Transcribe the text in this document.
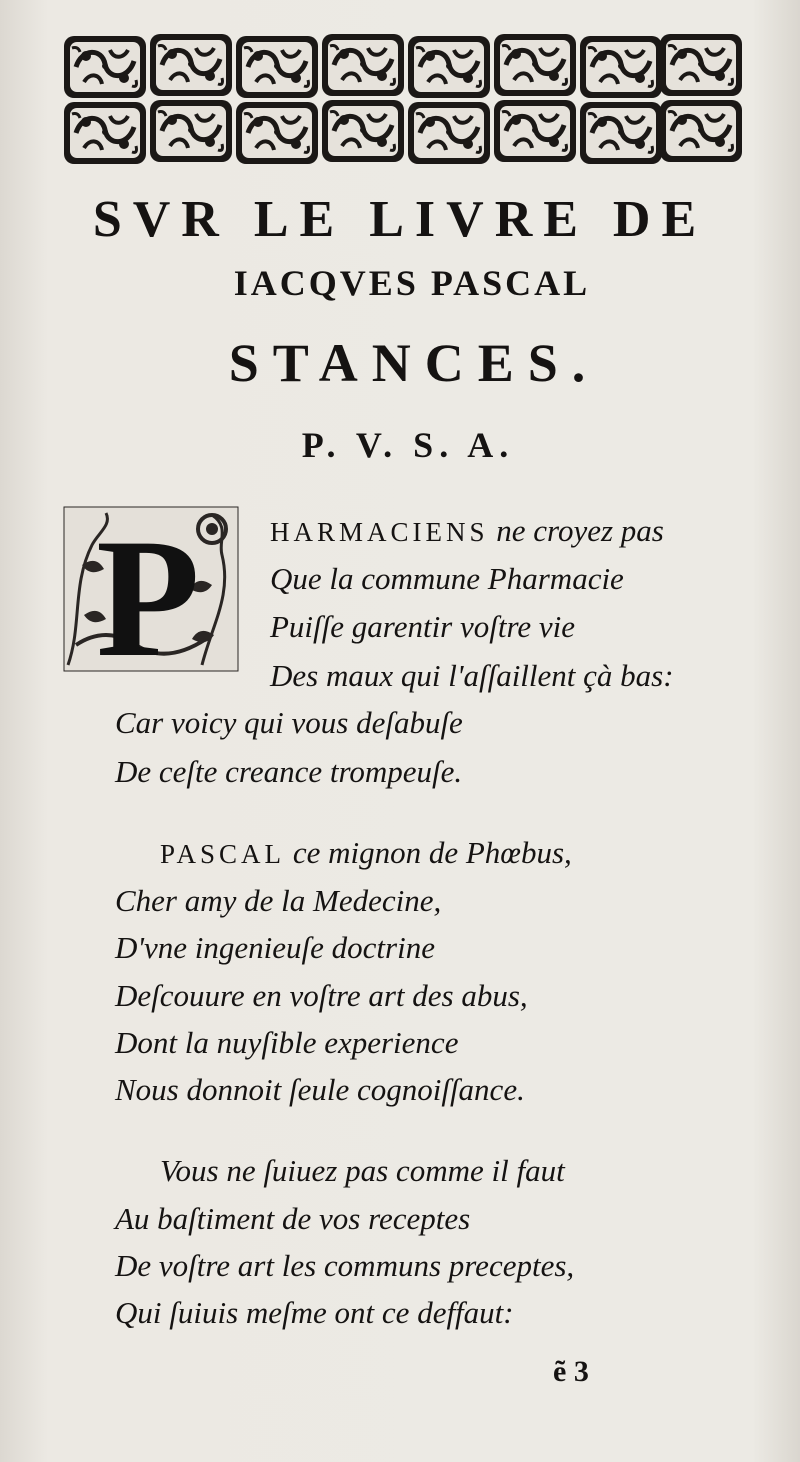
SVR LE LIVRE DE
IACQVES PASCAL
STANCES.
P. V. S. A.
P	HARMACIENS ne croyez pas
Que la commune Pharmacie
Puiſſe garentir voſtre vie
Des maux qui l'aſſaillent çà bas:
Car voicy qui vous deſabuſe
De ceſte creance trompeuſe.
PASCAL ce mignon de Phœbus,
Cher amy de la Medecine,
D'vne ingenieuſe doctrine
Deſcouure en voſtre art des abus,
Dont la nuyſible experience
Nous donnoit ſeule cognoiſſance.
Vous ne ſuiuez pas comme il faut
Au baſtiment de vos receptes
De voſtre art les communs preceptes,
Qui ſuiuis meſme ont ce deffaut:
ẽ 3
